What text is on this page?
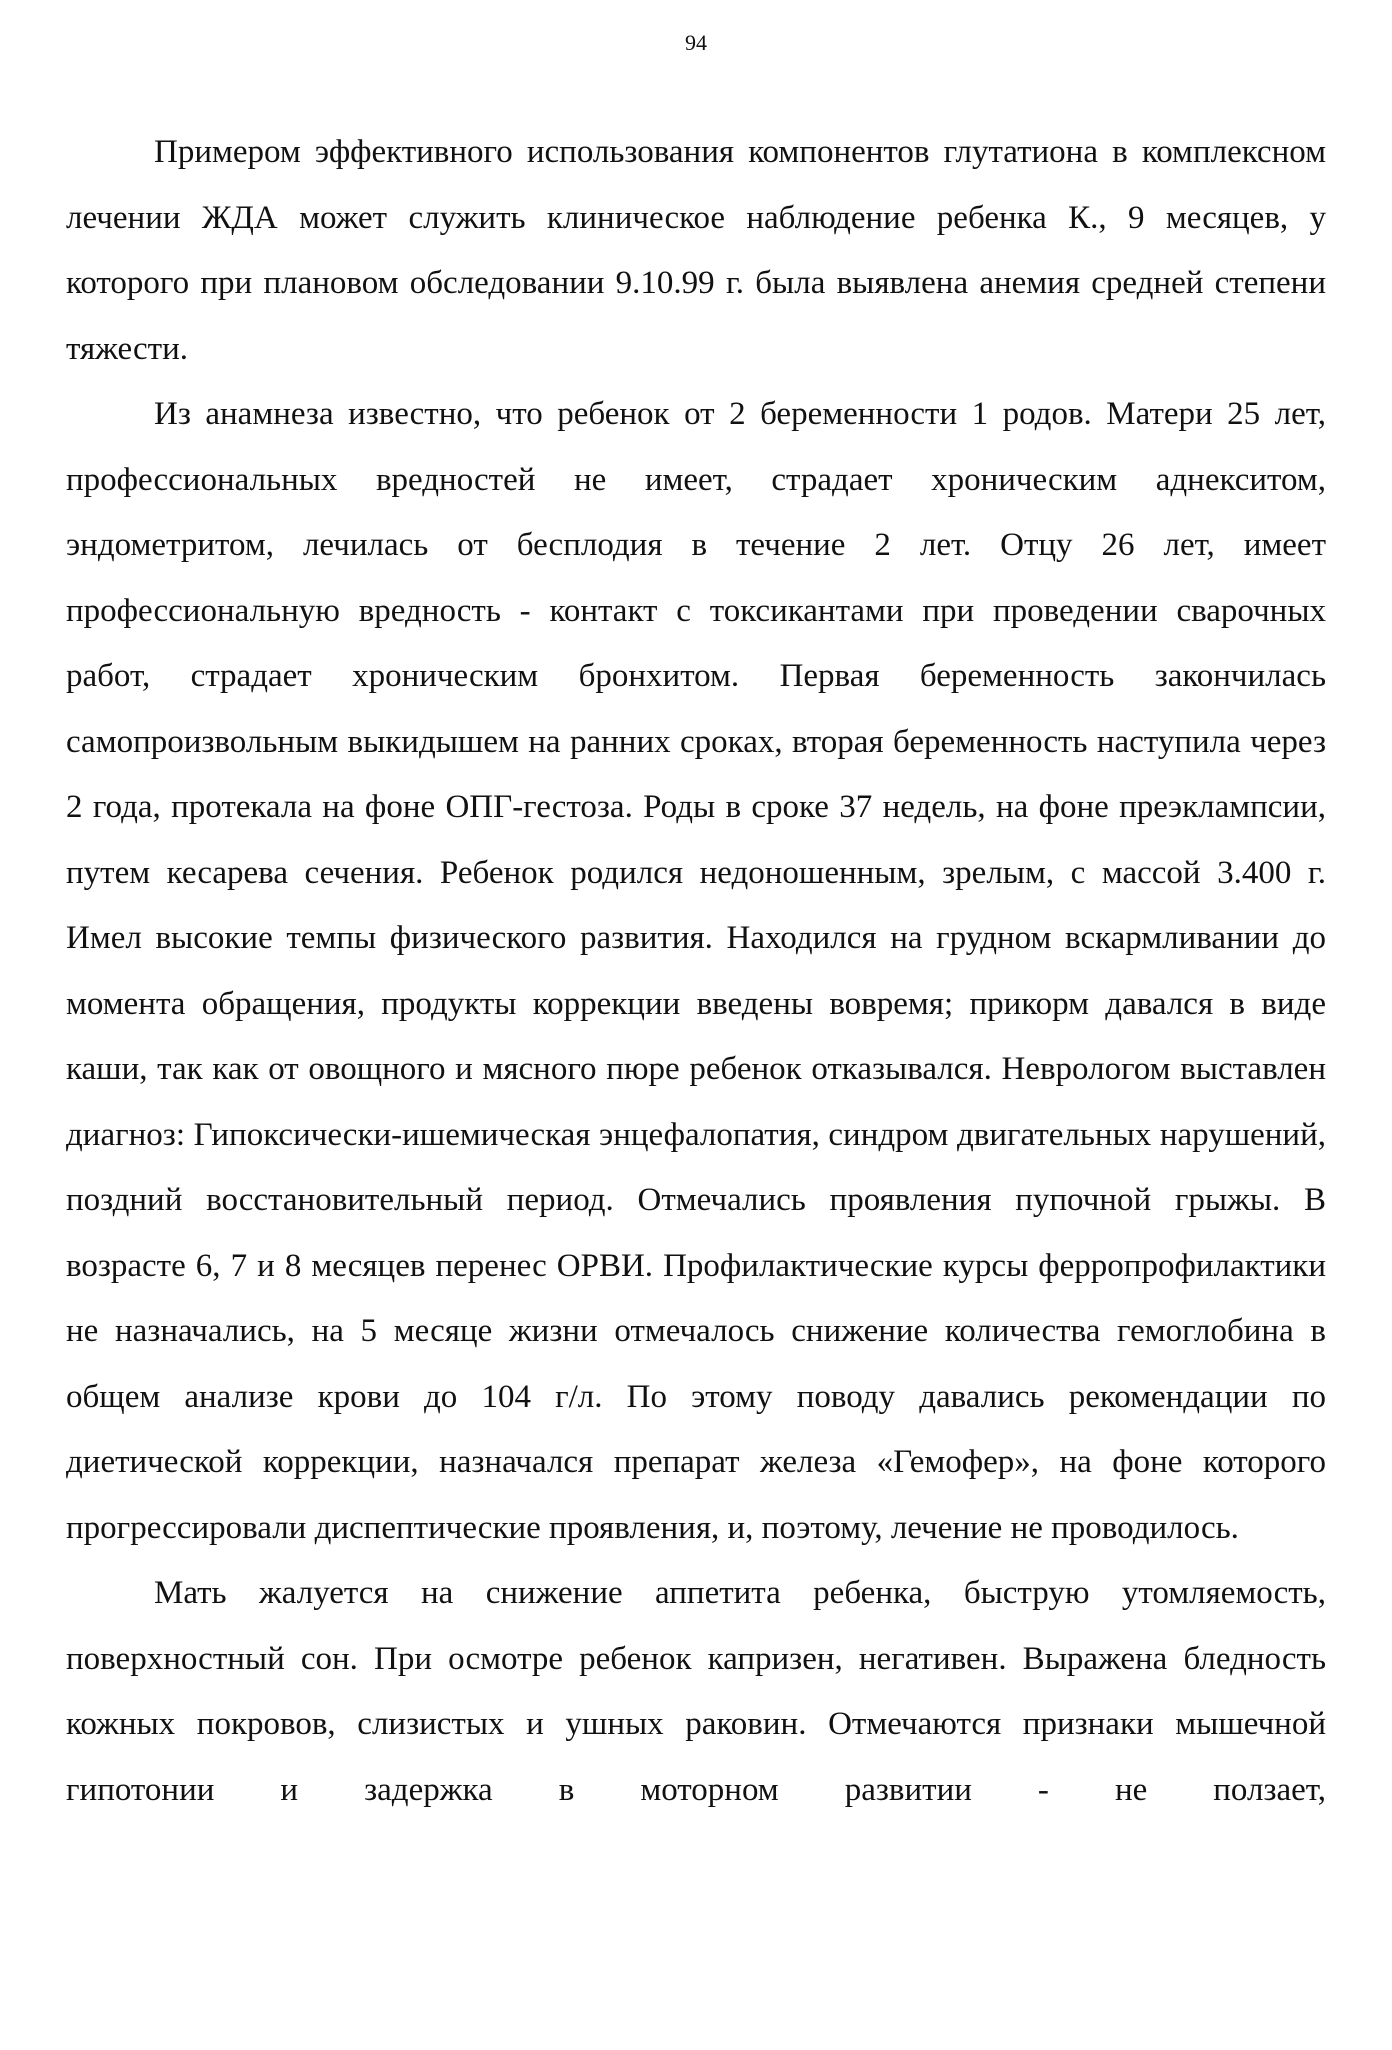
94

Примером эффективного использования компонентов глутатиона в комплексном лечении ЖДА может служить клиническое наблюдение ребенка К., 9 месяцев, у которого при плановом обследовании 9.10.99 г. была выявлена анемия средней степени тяжести.

Из анамнеза известно, что ребенок от 2 беременности 1 родов. Матери 25 лет, профессиональных вредностей не имеет, страдает хроническим аднекситом, эндометритом, лечилась от бесплодия в течение 2 лет. Отцу 26 лет, имеет профессиональную вредность - контакт с токсикантами при проведении сварочных работ, страдает хроническим бронхитом. Первая беременность закончилась самопроизвольным выкидышем на ранних сроках, вторая беременность наступила через 2 года, протекала на фоне ОПГ-гестоза. Роды в сроке 37 недель, на фоне преэклампсии, путем кесарева сечения. Ребенок родился недоношенным, зрелым, с массой 3.400 г. Имел высокие темпы физического развития. Находился на грудном вскармливании до момента обращения, продукты коррекции введены вовремя; прикорм давался в виде каши, так как от овощного и мясного пюре ребенок отказывался. Неврологом выставлен диагноз: Гипоксически-ишемическая энцефалопатия, синдром двигательных нарушений, поздний восстановительный период. Отмечались проявления пупочной грыжы. В возрасте 6, 7 и 8 месяцев перенес ОРВИ. Профилактические курсы ферропрофилактики не назначались, на 5 месяце жизни отмечалось снижение количества гемоглобина в общем анализе крови до 104 г/л. По этому поводу давались рекомендации по диетической коррекции, назначался препарат железа «Гемофер», на фоне которого прогрессировали диспептические проявления, и, поэтому, лечение не проводилось.

Мать жалуется на снижение аппетита ребенка, быструю утомляемость, поверхностный сон. При осмотре ребенок капризен, негативен. Выражена бледность кожных покровов, слизистых и ушных раковин. Отмечаются признаки мышечной гипотонии и задержка в моторном развитии - не ползает,
